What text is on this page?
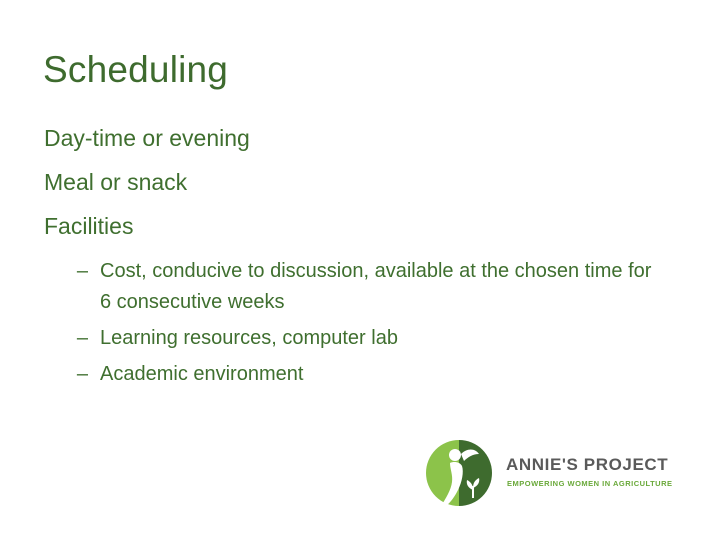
Scheduling
Day-time or evening
Meal or snack
Facilities
– Cost, conducive to discussion, available at the chosen time for 6 consecutive weeks
– Learning resources, computer lab
– Academic environment
ANNIE'S PROJECT
EMPOWERING WOMEN IN AGRICULTURE
